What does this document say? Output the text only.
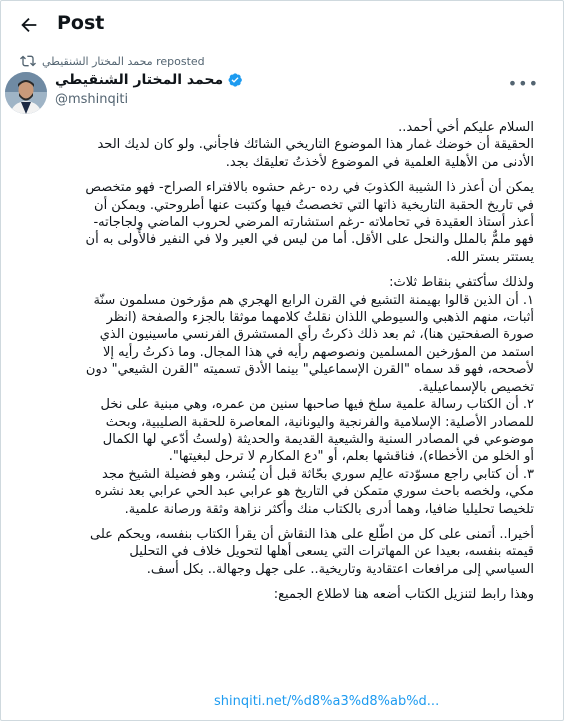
Post
محمد المختار الشنقيطي reposted
محمد المختار الشنقيطي
@mshinqiti
•••

السلام عليكم أخي أحمد..

الحقيقة أن خوضك غمار هذا الموضوع التاريخي الشائك فاجأني. ولو كان لديك الحد

الأدنى من الأهلية العلمية في الموضوع لأخذتُ تعليقك بجد.

يمكن أن أعذر ذا الشيبة الكذوبَ في رده -رغم حشوه بالافتراء الصراح- فهو متخصص

في تاريخ الحقبة التاريخية ذاتها التي تخصصتُ فيها وكتبت عنها أطروحتي. ويمكن أن

أعذر أستاذ العقيدة في تحاملاته -رغم استشارته المرضي لحروب الماضي ولجاجاته-

فهو ملمٌّ بالملل والنحل على الأقل. أما من ليس في العير ولا في النفير فالأَولى به أن

يستتر بستر الله.

ولذلك سأكتفي بنقاط ثلاث:

١. أن الذين قالوا بهيمنة التشيع في القرن الرابع الهجري هم مؤرخون مسلمون سنّة

أثبات، منهم الذهبي والسيوطي اللذان نقلتُ كلامهما موثقا بالجزء والصفحة (انظر

صورة الصفحتين هنا)، ثم بعد ذلك ذكرتُ رأي المستشرق الفرنسي ماسينيون الذي

استمد من المؤرخين المسلمين ونصوصهم رأيه في هذا المجال. وما ذكرتُ رأيه إلا

لأصححه، فهو قد سماه "القرن الإسماعيلي" بينما الأدق تسميته "القرن الشيعي" دون

تخصيص بالإسماعيلية.

٢. أن الكتاب رسالة علمية سلخ فيها صاحبها سنين من عمره، وهي مبنية على نخل

للمصادر الأصلية: الإسلامية والفرنجية واليونانية، المعاصرة للحقبة الصليبية، وبحث

موضوعي في المصادر السنية والشيعية القديمة والحديثة (ولستُ أدّعي لها الكمال

أو الخلو من الأخطاء)، فناقشها بعلم، أو "دع المكارم لا ترحل لبغيتها".

٣. أن كتابي راجع مسوّدته عالِم سوري بحّاثة قبل أن يُنشر، وهو فضيلة الشيخ مجد

مكي، ولخصه باحث سوري متمكن في التاريخ هو عرابي عبد الحي عرابي بعد نشره

تلخيصا تحليليا ضافيا، وهما أدرى بالكتاب منك وأكثر نزاهة وثقة ورصانة علمية.

أخيرا.. أتمنى على كل من اطّلع على هذا النقاش أن يقرأ الكتاب بنفسه، ويحكم على

قيمته بنفسه، بعيدا عن المهاترات التي يسعى أهلها لتحويل خلاف في التحليل

السياسي إلى مرافعات اعتقادية وتاريخية.. على جهل وجهالة.. بكل أسف.

وهذا رابط لتنزيل الكتاب أضعه هنا لاطلاع الجميع:

shinqiti.net/%d8%a3%d8%ab%d...
